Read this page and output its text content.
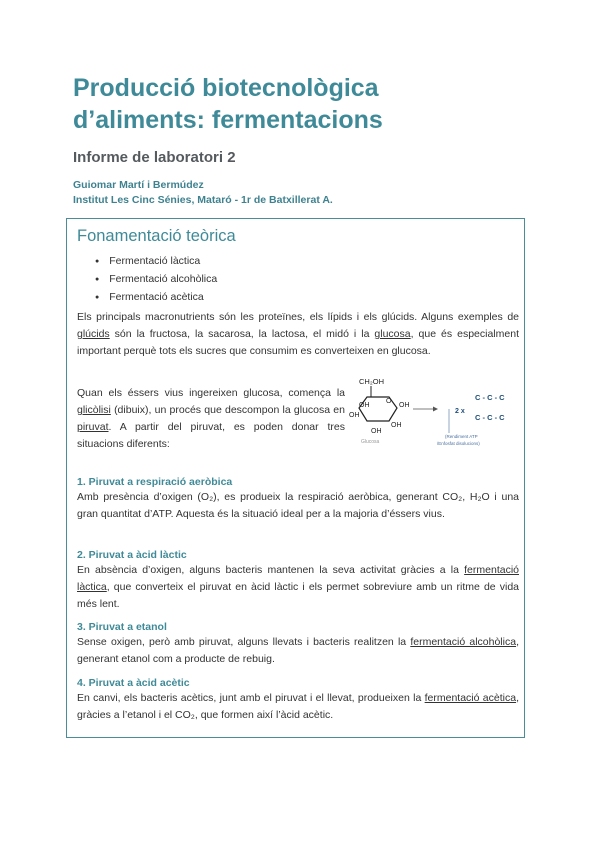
Producció biotecnològica
d’aliments: fermentacions
Informe de laboratori 2
Guiomar Martí i Bermúdez
Institut Les Cinc Sénies, Mataró - 1r de Batxillerat A.
Fonamentació teòrica
● Fermentació làctica
● Fermentació alcohòlica
● Fermentació acètica

Els principals macronutrients són les proteïnes, els lípids i els glúcids. Alguns exemples de glúcids són la fructosa, la sacarosa, la lactosa, el midó i la glucosa, que és especialment important perquè tots els sucres que consumim es converteixen en glucosa.

Quan els éssers vius ingereixen glucosa, comença la glicòlisi (dibuix), un procés que descompon la glucosa en piruvat. A partir del piruvat, es poden donar tres situacions diferents:

CH₂OH
O
OH	OH
OH
OH
OH
Glucosa
2 x
C - C - C
C - C - C
(Rendiment ATP
/Enfosfat disolucions)
1. Piruvat a respiració aeròbica

Amb presència d’oxigen (O₂), es produeix la respiració aeròbica, generant CO₂, H₂O i una gran quantitat d’ATP. Aquesta és la situació ideal per a la majoria d’éssers vius.

2. Piruvat a àcid làctic

En absència d’oxigen, alguns bacteris mantenen la seva activitat gràcies a la fermentació làctica, que converteix el piruvat en àcid làctic i els permet sobreviure amb un ritme de vida més lent.

3. Piruvat a etanol

Sense oxigen, però amb piruvat, alguns llevats i bacteris realitzen la fermentació alcohòlica, generant etanol com a producte de rebuig.

4. Piruvat a àcid acètic

En canvi, els bacteris acètics, junt amb el piruvat i el llevat, produeixen la fermentació acètica, gràcies a l’etanol i el CO₂, que formen així l’àcid acètic.
